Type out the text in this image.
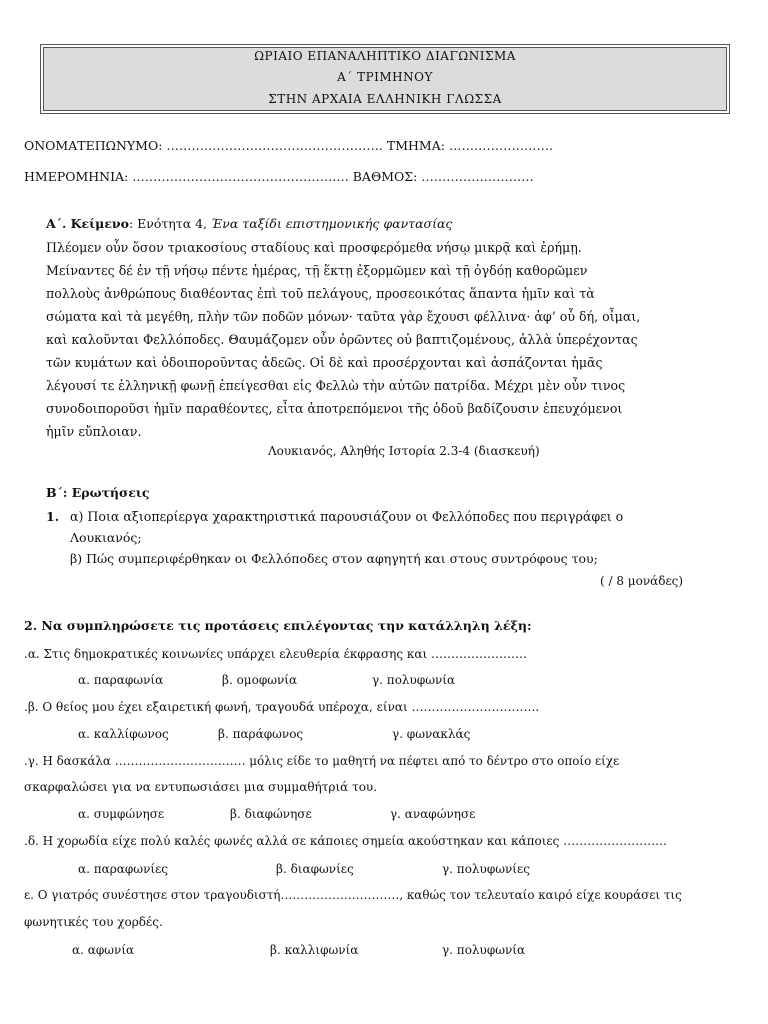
ΩΡΙΑΙΟ ΕΠΑΝΑΛΗΠΤΙΚΟ ΔΙΑΓΩΝΙΣΜΑ
Α΄ ΤΡΙΜΗΝΟΥ
ΣΤΗΝ ΑΡΧΑΙΑ ΕΛΛΗΝΙΚΗ ΓΛΩΣΣΑ
ΟΝΟΜΑΤΕΠΩΝΥΜΟ: ……………………………………………. ΤΜΗΜΑ: …………………….
ΗΜΕΡΟΜΗΝΙΑ: ……………………………………………. ΒΑΘΜΟΣ: ………………………
Α΄. Κείμενο: Ενότητα 4, Ένα ταξίδι επιστημονικής φαντασίας
Πλέομεν οὖν ὅσον τριακοσίους σταδίους καὶ προσφερόμεθα νήσῳ μικρᾷ καὶ ἐρήμῃ.
Μείναντες δέ ἐν τῇ νήσῳ πέντε ἡμέρας, τῇ ἕκτῃ ἐξορμῶμεν καὶ τῇ ὀγδόῃ καθορῶμεν
πολλοὺς ἀνθρώπους διαθέοντας ἐπὶ τοῦ πελάγους, προσεοικότας ἅπαντα ἡμῖν καὶ τὰ
σώματα καὶ τὰ μεγέθη, πλὴν τῶν ποδῶν μόνων· ταῦτα γὰρ ἔχουσι φέλλινα· ἀφ’ οὗ δή, οἶμαι,
καὶ καλοῦνται Φελλόποδες. Θαυμάζομεν οὖν ὁρῶντες οὐ βαπτιζομένους, ἀλλὰ ὑπερέχοντας
τῶν κυμάτων καὶ ὁδοιποροῦντας ἀδεῶς. Οἱ δὲ καὶ προσέρχονται καὶ ἀσπάζονται ἡμᾶς
λέγουσί τε ἑλληνικῇ φωνῇ ἐπείγεσθαι εἰς Φελλὼ τὴν αὐτῶν πατρίδα. Μέχρι μὲν οὖν τινος
συνοδοιποροῦσι ἡμῖν παραθέοντες, εἶτα ἀποτρεπόμενοι τῆς ὁδοῦ βαδίζουσιν ἐπευχόμενοι
ἡμῖν εὔπλοιαν.
Λουκιανός, Αληθής Ιστορία 2.3-4 (διασκευή)
Β΄: Ερωτήσεις
1. α) Ποια αξιοπερίεργα χαρακτηριστικά παρουσιάζουν οι Φελλόποδες που περιγράφει ο
Λουκιανός;
β) Πώς συμπεριφέρθηκαν οι Φελλόποδες στον αφηγητή και στους συντρόφους του;
( / 8 μονάδες)
2. Να συμπληρώσετε τις προτάσεις επιλέγοντας την κατάλληλη λέξη:
.α. Στις δημοκρατικές κοινωνίες υπάρχει ελευθερία έκφρασης και ……………………
α. παραφωνία	β. ομοφωνία	γ. πολυφωνία
.β. Ο θείος μου έχει εξαιρετική φωνή, τραγουδά υπέροχα, είναι …………………………..
α. καλλίφωνος	β. παράφωνος	γ. φωνακλάς
.γ. Η δασκάλα …………………………… μόλις είδε το μαθητή να πέφτει από το δέντρο στο οποίο είχε
σκαρφαλώσει για να εντυπωσιάσει μια συμμαθήτριά του.
α. συμφώνησε	β. διαφώνησε	γ. αναφώνησε
.δ. Η χορωδία είχε πολύ καλές φωνές αλλά σε κάποιες σημεία ακούστηκαν και κάποιες ……………………..
α. παραφωνίες	β. διαφωνίες	γ. πολυφωνίες
ε. Ο γιατρός συνέστησε στον τραγουδιστή…………………………, καθώς τον τελευταίο καιρό είχε κουράσει τις
φωνητικές του χορδές.
α. αφωνία	β. καλλιφωνία	γ. πολυφωνία
